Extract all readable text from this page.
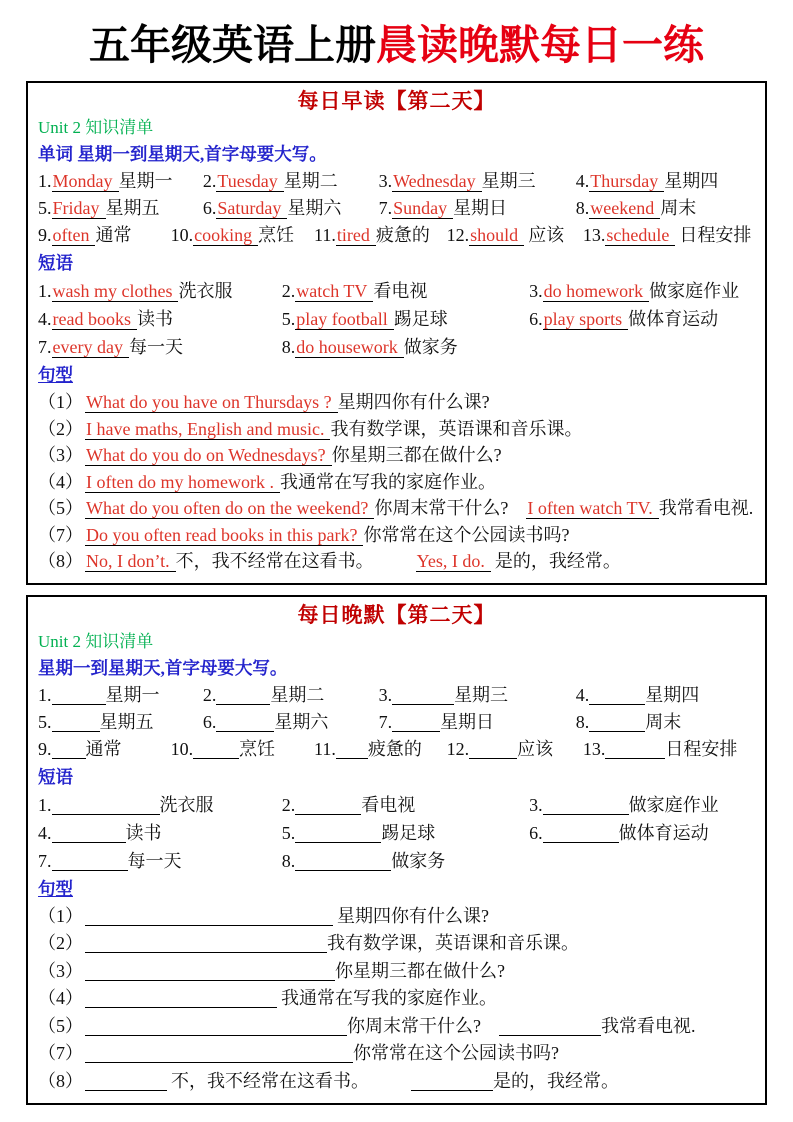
五年级英语上册晨读晚默每日一练
每日早读【第二天】
Unit 2 知识清单
单词 星期一到星期天,首字母要大写。
1.Monday 星期一	2.Tuesday 星期二	3.Wednesday 星期三	4.Thursday 星期四
5.Friday 星期五	6.Saturday 星期六	7.Sunday 星期日	8.weekend 周末
9.often 通常	10.cooking 烹饪	11.tired 疲惫的 12.should 应该	13.schedule 日程安排
短语
1.wash my clothes 洗衣服	2.watch TV 看电视	3.do homework 做家庭作业
4.read books 读书	5.play football 踢足球	6.play sports 做体育运动
7.every day 每一天	8.do housework 做家务
句型
（1） What do you have on Thursdays ? 星期四你有什么课?
（2） I have maths, English and music. 我有数学课，英语课和音乐课。
（3） What do you do on Wednesdays? 你星期三都在做什么?
（4） I often do my homework . 我通常在写我的家庭作业。
（5） What do you often do on the weekend? 你周末常干什么? I often watch TV. 我常看电视.
（7） Do you often read books in this park? 你常常在这个公园读书吗?
（8） No, I don’t. 不，我不经常在这看书。 Yes, I do. 是的，我经常。
每日晚默【第二天】
Unit 2 知识清单
星期一到星期天,首字母要大写。
1.	星期一	2.	星期二	3.	星期三	4.	星期四
5.	星期五	6.	星期六	7.	星期日	8.	周末
9. 通常	10.	烹饪	11. 疲惫的	12.	应该	13.	日程安排
短语
1.	洗衣服	2.	看电视	3.	做家庭作业
4.	读书	5.	踢足球	6.	做体育运动
7.	每一天	8.	做家务
句型
（1）	星期四你有什么课?
（2）	我有数学课，英语课和音乐课。
（3）	你星期三都在做什么?
（4）	我通常在写我的家庭作业。
（5）	你周末常干什么?	我常看电视.
（7）	你常常在这个公园读书吗?
（8）	不，我不经常在这看书。	是的，我经常。
